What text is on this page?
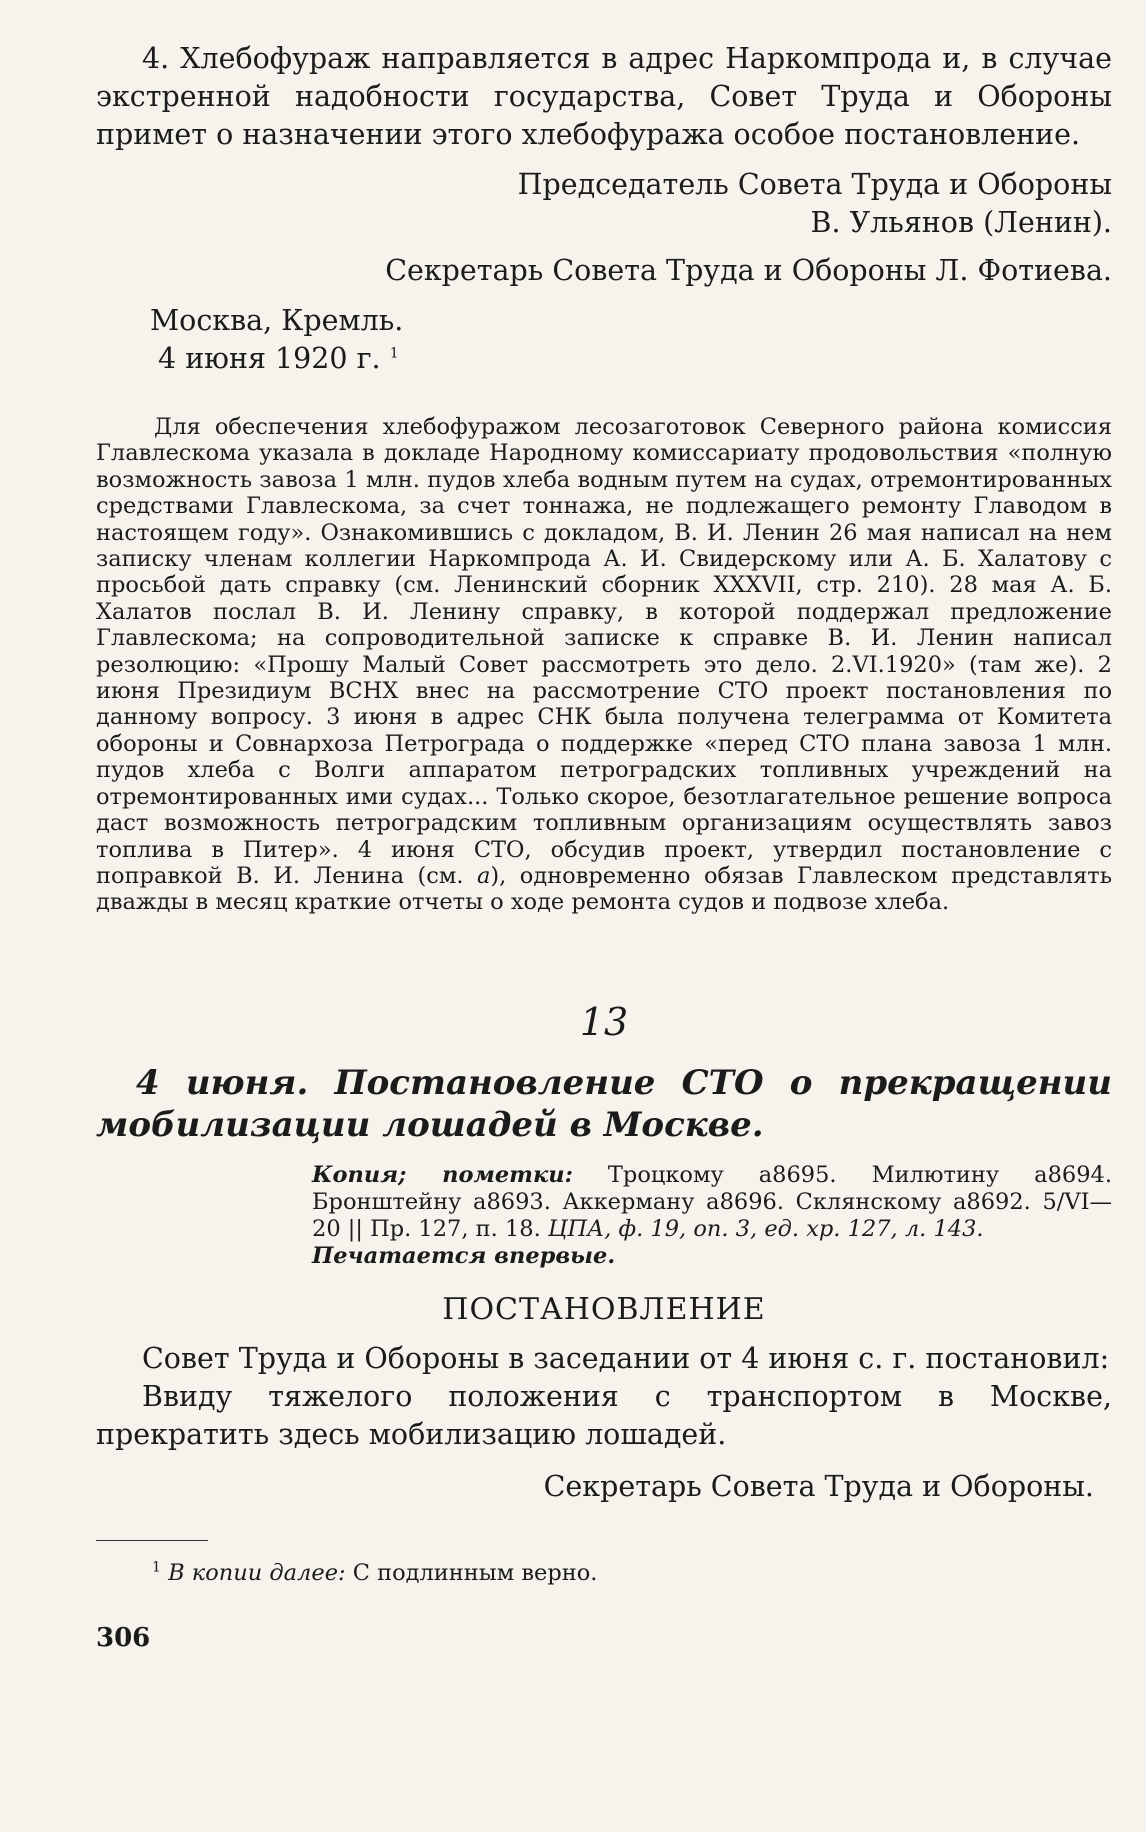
4. Хлебофураж направляется в адрес Наркомпрода и, в случае экстренной надобности государства, Совет Труда и Обороны примет о назначении этого хлебофуража особое постановление.

Председатель Совета Труда и Обороны

В. Ульянов (Ленин).

Секретарь Совета Труда и Обороны Л. Фотиева.

Москва, Кремль.

4 июня 1920 г. $^1$

Для обеспечения хлебофуражом лесозаготовок Северного района комиссия Главлескома указала в докладе Народному комиссариату продовольствия «полную возможность завоза 1 млн. пудов хлеба водным путем на судах, отремонтированных средствами Главлескома, за счет тоннажа, не подлежащего ремонту Главодом в настоящем году». Ознакомившись с докладом, В. И. Ленин 26 мая написал на нем записку членам коллегии Наркомпрода А. И. Свидерскому или А. Б. Халатову с просьбой дать справку (см. Ленинский сборник XXXVII, стр. 210). 28 мая А. Б. Халатов послал В. И. Ленину справку, в которой поддержал предложение Главлескома; на сопроводительной записке к справке В. И. Ленин написал резолюцию: «Прошу Малый Совет рассмотреть это дело. 2.VI.1920» (там же). 2 июня Президиум ВСНХ внес на рассмотрение СТО проект постановления по данному вопросу. 3 июня в адрес СНК была получена телеграмма от Комитета обороны и Совнархоза Петрограда о поддержке «перед СТО плана завоза 1 млн. пудов хлеба с Волги аппаратом петроградских топливных учреждений на отремонтированных ими судах... Только скорое, безотлагательное решение вопроса даст возможность петроградским топливным организациям осуществлять завоз топлива в Питер». 4 июня СТО, обсудив проект, утвердил постановление с поправкой В. И. Ленина (см. а), одновременно обязав Главлеском представлять дважды в месяц краткие отчеты о ходе ремонта судов и подвозе хлеба.

13

4 июня. Постановление СТО о прекращении мобилизации лошадей в Москве.

Копия; пометки: Троцкому а8695. Милютину а8694. Бронштейну а8693. Аккерману а8696. Склянскому а8692. 5/VI—20 || Пр. 127, п. 18. ЦПА, ф. 19, оп. 3, ед. хр. 127, л. 143.
Печатается впервые.

ПОСТАНОВЛЕНИЕ

Совет Труда и Обороны в заседании от 4 июня с. г. постановил:

Ввиду тяжелого положения с транспортом в Москве, прекратить здесь мобилизацию лошадей.

Секретарь Совета Труда и Обороны.

$^1$ В копии далее: С подлинным верно.

306
